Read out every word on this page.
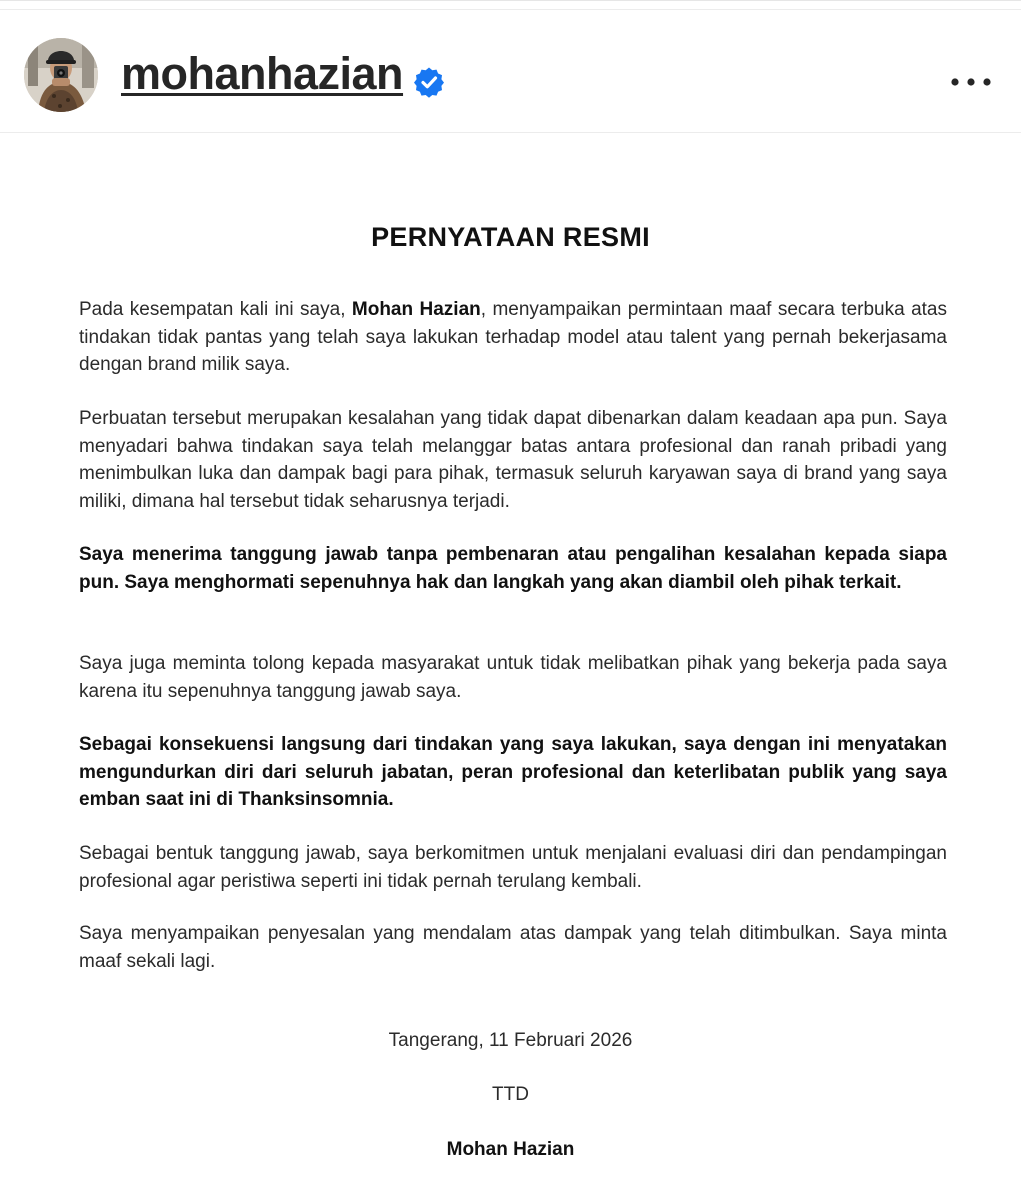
mohanhazian
PERNYATAAN RESMI

Pada kesempatan kali ini saya, Mohan Hazian, menyampaikan permintaan maaf secara terbuka atas tindakan tidak pantas yang telah saya lakukan terhadap model atau talent yang pernah bekerjasama dengan brand milik saya.

Perbuatan tersebut merupakan kesalahan yang tidak dapat dibenarkan dalam keadaan apa pun. Saya menyadari bahwa tindakan saya telah melanggar batas antara profesional dan ranah pribadi yang menimbulkan luka dan dampak bagi para pihak, termasuk seluruh karyawan saya di brand yang saya miliki, dimana hal tersebut tidak seharusnya terjadi.

Saya menerima tanggung jawab tanpa pembenaran atau pengalihan kesalahan kepada siapa pun. Saya menghormati sepenuhnya hak dan langkah yang akan diambil oleh pihak terkait.

Saya juga meminta tolong kepada masyarakat untuk tidak melibatkan pihak yang bekerja pada saya karena itu sepenuhnya tanggung jawab saya.

Sebagai konsekuensi langsung dari tindakan yang saya lakukan, saya dengan ini menyatakan mengundurkan diri dari seluruh jabatan, peran profesional dan keterlibatan publik yang saya emban saat ini di Thanksinsomnia.

Sebagai bentuk tanggung jawab, saya berkomitmen untuk menjalani evaluasi diri dan pendampingan profesional agar peristiwa seperti ini tidak pernah terulang kembali.

Saya menyampaikan penyesalan yang mendalam atas dampak yang telah ditimbulkan. Saya minta maaf sekali lagi.

Tangerang, 11 Februari 2026
TTD
Mohan Hazian
